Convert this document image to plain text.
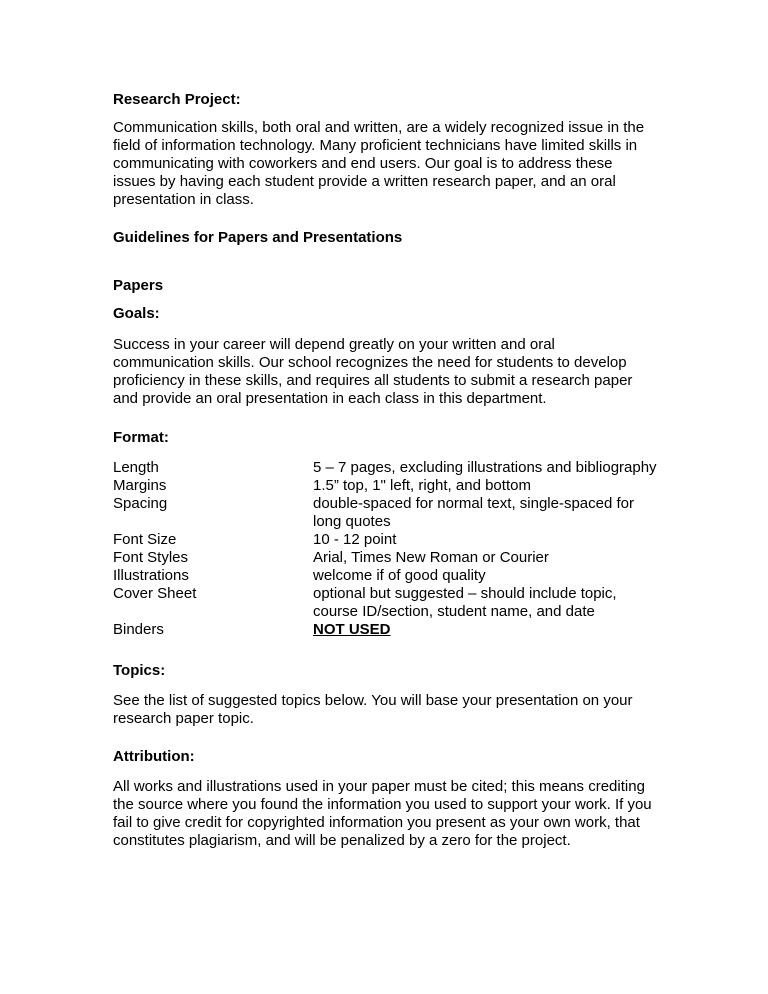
Research Project:

Communication skills, both oral and written, are a widely recognized issue in the field of information technology. Many proficient technicians have limited skills in communicating with coworkers and end users. Our goal is to address these issues by having each student provide a written research paper, and an oral presentation in class.

Guidelines for Papers and Presentations

Papers

Goals:

Success in your career will depend greatly on your written and oral communication skills. Our school recognizes the need for students to develop proficiency in these skills, and requires all students to submit a research paper and provide an oral presentation in each class in this department.

Format:

Length	5 – 7 pages, excluding illustrations and bibliography
Margins	1.5” top, 1" left, right, and bottom
Spacing	double-spaced for normal text, single-spaced for long quotes
Font Size	10 - 12 point
Font Styles	Arial, Times New Roman or Courier
Illustrations	welcome if of good quality
Cover Sheet	optional but suggested – should include topic, course ID/section, student name, and date
Binders	NOT USED

Topics:

See the list of suggested topics below. You will base your presentation on your research paper topic.

Attribution:

All works and illustrations used in your paper must be cited; this means crediting the source where you found the information you used to support your work. If you fail to give credit for copyrighted information you present as your own work, that constitutes plagiarism, and will be penalized by a zero for the project.
